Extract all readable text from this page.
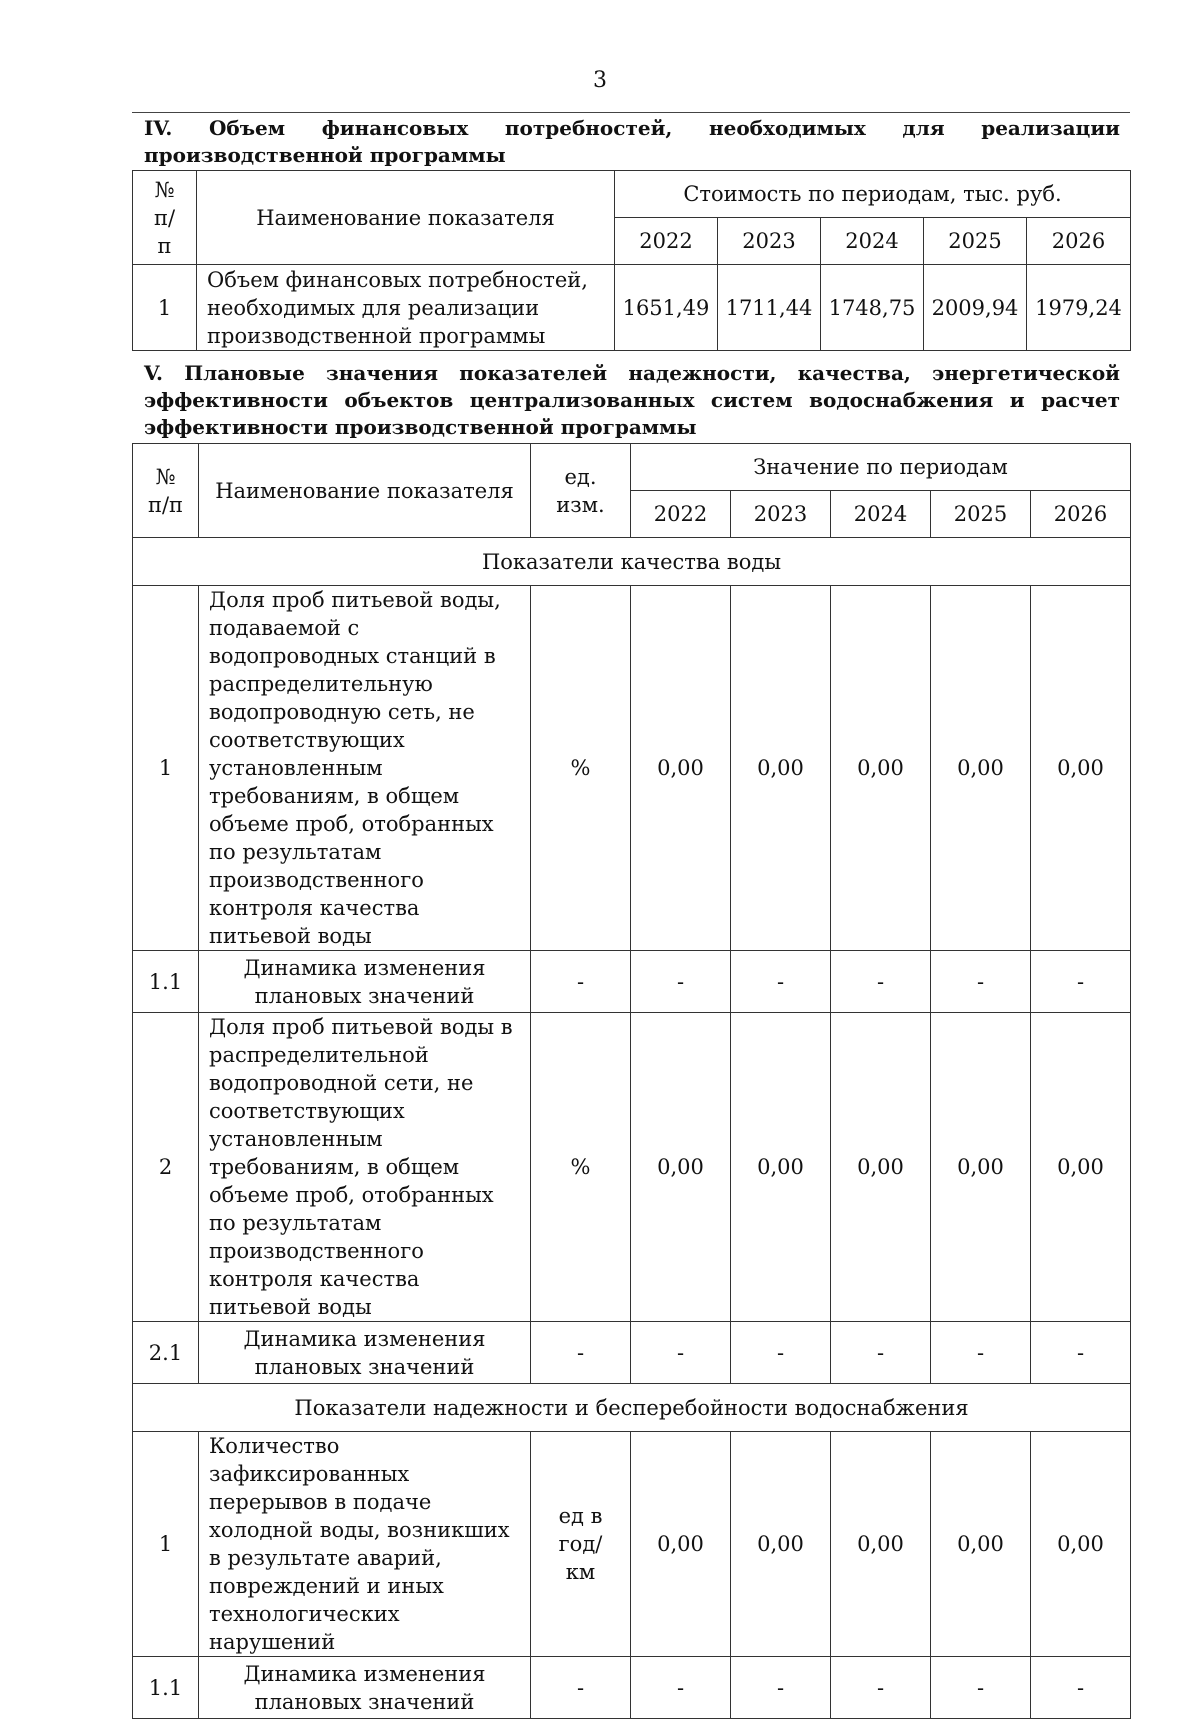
3
IV. Объем финансовых потребностей, необходимых для реализации производственной программы
№ п/п	Наименование показателя	Стоимость по периодам, тыс. руб.				
		2022	2023	2024	2025	2026
1	Объем финансовых потребностей, необходимых для реализации производственной программы	1651,49	1711,44	1748,75	2009,94	1979,24
V. Плановые значения показателей надежности, качества, энергетической эффективности объектов централизованных систем водоснабжения и расчет эффективности производственной программы
№ п/п	Наименование показателя	ед. изм.	Значение по периодам				
			2022	2023	2024	2025	2026
Показатели качества воды							
1	Доля проб питьевой воды, подаваемой с водопроводных станций в распределительную водопроводную сеть, не соответствующих установленным требованиям, в общем объеме проб, отобранных по результатам производственного контроля качества питьевой воды	%	0,00	0,00	0,00	0,00	0,00
1.1	Динамика изменения плановых значений	-	-	-	-	-	-
2	Доля проб питьевой воды в распределительной водопроводной сети, не соответствующих установленным требованиям, в общем объеме проб, отобранных по результатам производственного контроля качества питьевой воды	%	0,00	0,00	0,00	0,00	0,00
2.1	Динамика изменения плановых значений	-	-	-	-	-	-
Показатели надежности и бесперебойности водоснабжения							
1	Количество зафиксированных перерывов в подаче холодной воды, возникших в результате аварий, повреждений и иных технологических нарушений	ед в год/ км	0,00	0,00	0,00	0,00	0,00
1.1	Динамика изменения плановых значений	-	-	-	-	-	-
